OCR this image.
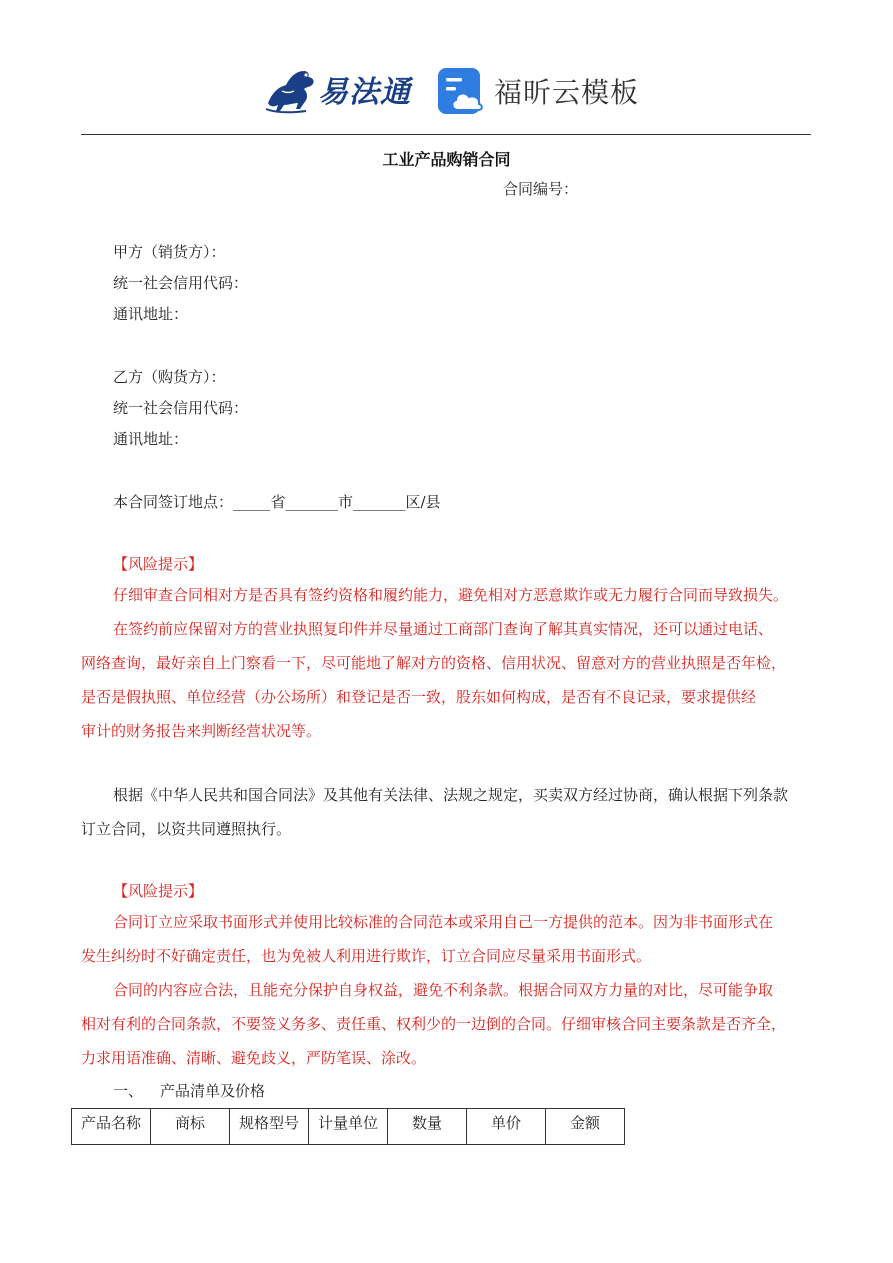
易法通	福昕云模板
工业产品购销合同
合同编号：
甲方（销货方）：
统一社会信用代码：
通讯地址：
乙方（购货方）：
统一社会信用代码：
通讯地址：
本合同签订地点：_____省_______市_______区/县
【风险提示】
仔细审查合同相对方是否具有签约资格和履约能力，避免相对方恶意欺诈或无力履行合同而导致损失。
在签约前应保留对方的营业执照复印件并尽量通过工商部门查询了解其真实情况，还可以通过电话、
网络查询，最好亲自上门察看一下，尽可能地了解对方的资格、信用状况、留意对方的营业执照是否年检，
是否是假执照、单位经营（办公场所）和登记是否一致，股东如何构成，是否有不良记录，要求提供经
审计的财务报告来判断经营状况等。
根据《中华人民共和国合同法》及其他有关法律、法规之规定，买卖双方经过协商，确认根据下列条款
订立合同，以资共同遵照执行。
【风险提示】
合同订立应采取书面形式并使用比较标准的合同范本或采用自己一方提供的范本。因为非书面形式在
发生纠纷时不好确定责任，也为免被人利用进行欺诈，订立合同应尽量采用书面形式。
合同的内容应合法，且能充分保护自身权益，避免不利条款。根据合同双方力量的对比，尽可能争取
相对有利的合同条款，不要签义务多、责任重、权利少的一边倒的合同。仔细审核合同主要条款是否齐全，
力求用语准确、清晰、避免歧义，严防笔误、涂改。
一、 产品清单及价格
产品名称	商标	规格型号	计量单位	数量	单价	金额
